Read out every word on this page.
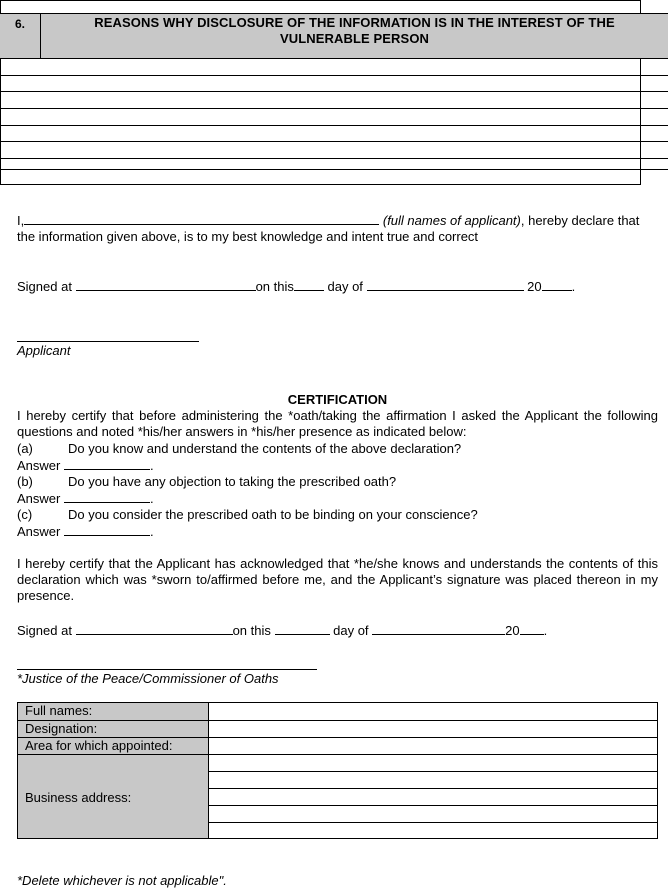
6.	REASONS WHY DISCLOSURE OF THE INFORMATION IS IN THE INTEREST OF THE
VULNERABLE PERSON
I,	(full names of applicant), hereby declare that
the information given above, is to my best knowledge and intent true and correct
Signed at	on this	day of	20 .
Applicant
CERTIFICATION
I hereby certify that before administering the *oath/taking the affirmation I asked the Applicant the following questions and noted *his/her answers in *his/her presence as indicated below:
(a)	Do you know and understand the contents of the above declaration?
Answer	.
(b)	Do you have any objection to taking the prescribed oath?
Answer	.
(c)	Do you consider the prescribed oath to be binding on your conscience?
Answer	.
I hereby certify that the Applicant has acknowledged that *he/she knows and understands the contents of this declaration which was *sworn to/affirmed before me, and the Applicant’s signature was placed thereon in my presence.
Signed at	on this	day of	20 .
*Justice of the Peace/Commissioner of Oaths
Full names:
Designation:
Area for which appointed:
Business address:
*Delete whichever is not applicable".
